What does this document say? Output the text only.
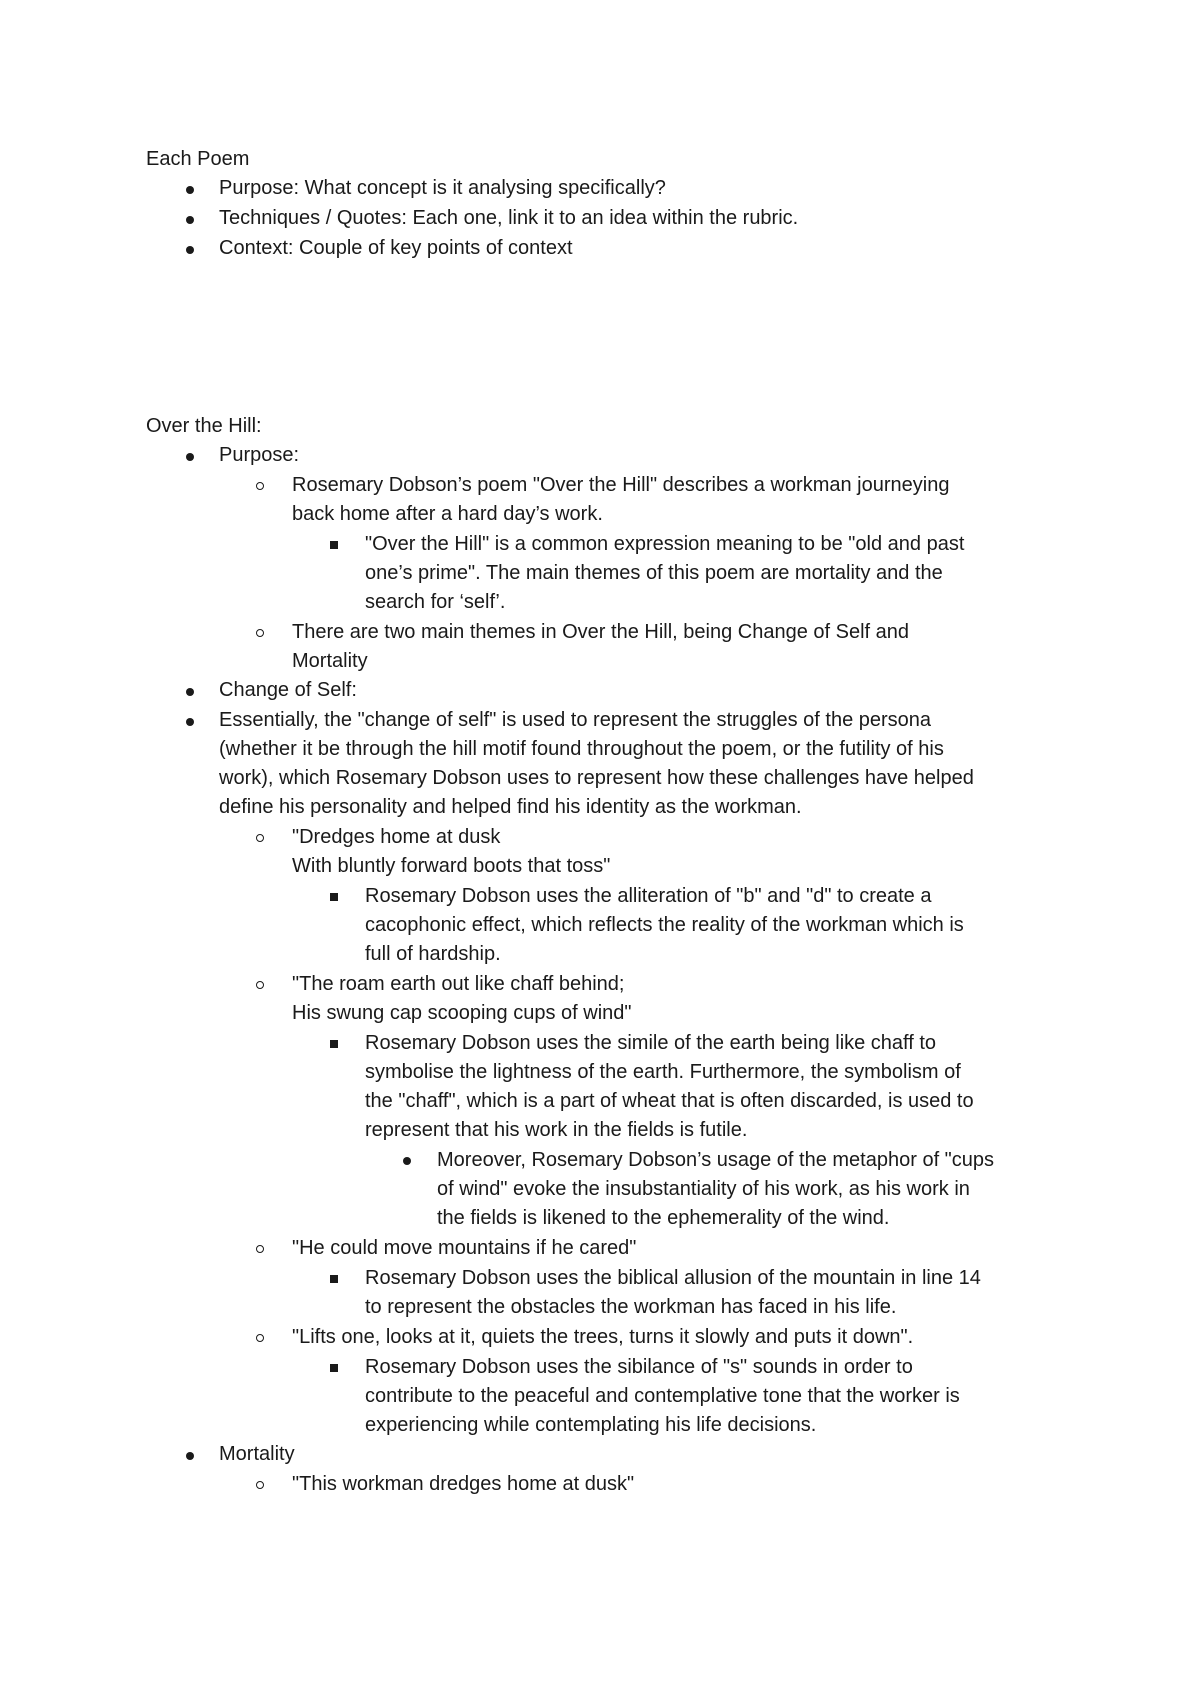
Each Poem
Purpose: What concept is it analysing specifically?
Techniques / Quotes: Each one, link it to an idea within the rubric.
Context: Couple of key points of context
Over the Hill:
Purpose:
Rosemary Dobson’s poem "Over the Hill" describes a workman journeying
back home after a hard day’s work.
"Over the Hill" is a common expression meaning to be "old and past
one’s prime". The main themes of this poem are mortality and the
search for ‘self’.
There are two main themes in Over the Hill, being Change of Self and
Mortality
Change of Self:
Essentially, the "change of self" is used to represent the struggles of the persona
(whether it be through the hill motif found throughout the poem, or the futility of his
work), which Rosemary Dobson uses to represent how these challenges have helped
define his personality and helped find his identity as the workman.
"Dredges home at dusk
With bluntly forward boots that toss"
Rosemary Dobson uses the alliteration of "b" and "d" to create a
cacophonic effect, which reflects the reality of the workman which is
full of hardship.
"The roam earth out like chaff behind;
His swung cap scooping cups of wind"
Rosemary Dobson uses the simile of the earth being like chaff to
symbolise the lightness of the earth. Furthermore, the symbolism of
the "chaff", which is a part of wheat that is often discarded, is used to
represent that his work in the fields is futile.
Moreover, Rosemary Dobson’s usage of the metaphor of "cups
of wind" evoke the insubstantiality of his work, as his work in
the fields is likened to the ephemerality of the wind.
"He could move mountains if he cared"
Rosemary Dobson uses the biblical allusion of the mountain in line 14
to represent the obstacles the workman has faced in his life.
"Lifts one, looks at it, quiets the trees, turns it slowly and puts it down".
Rosemary Dobson uses the sibilance of "s" sounds in order to
contribute to the peaceful and contemplative tone that the worker is
experiencing while contemplating his life decisions.
Mortality
"This workman dredges home at dusk"
